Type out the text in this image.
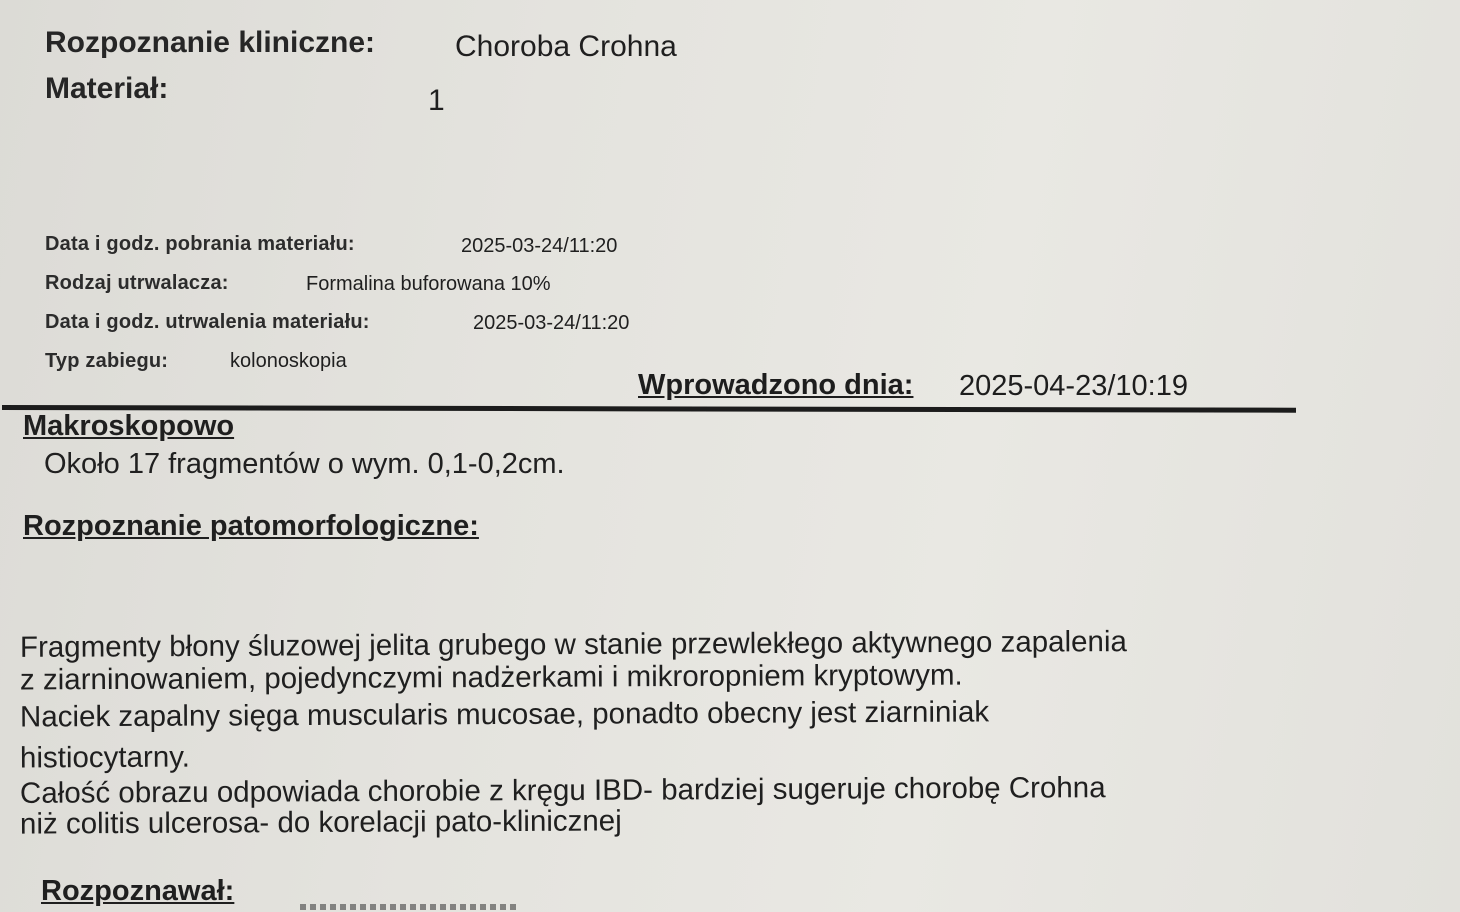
Rozpoznanie kliniczne:	Choroba Crohna
Materiał:	1
Data i godz. pobrania materiału:	2025-03-24/11:20
Rodzaj utrwalacza:	Formalina buforowana 10%
Data i godz. utrwalenia materiału:	2025-03-24/11:20
Typ zabiegu:	kolonoskopia
Wprowadzono dnia: 2025-04-23/10:19
Makroskopowo
Około 17 fragmentów o wym. 0,1-0,2cm.
Rozpoznanie patomorfologiczne:
Fragmenty błony śluzowej jelita grubego w stanie przewlekłego aktywnego zapalenia
z ziarninowaniem, pojedynczymi nadżerkami i mikroropniem kryptowym.
Naciek zapalny sięga muscularis mucosae, ponadto obecny jest ziarniniak
histiocytarny.
Całość obrazu odpowiada chorobie z kręgu IBD- bardziej sugeruje chorobę Crohna
niż colitis ulcerosa- do korelacji pato-klinicznej
Rozpoznawał:
